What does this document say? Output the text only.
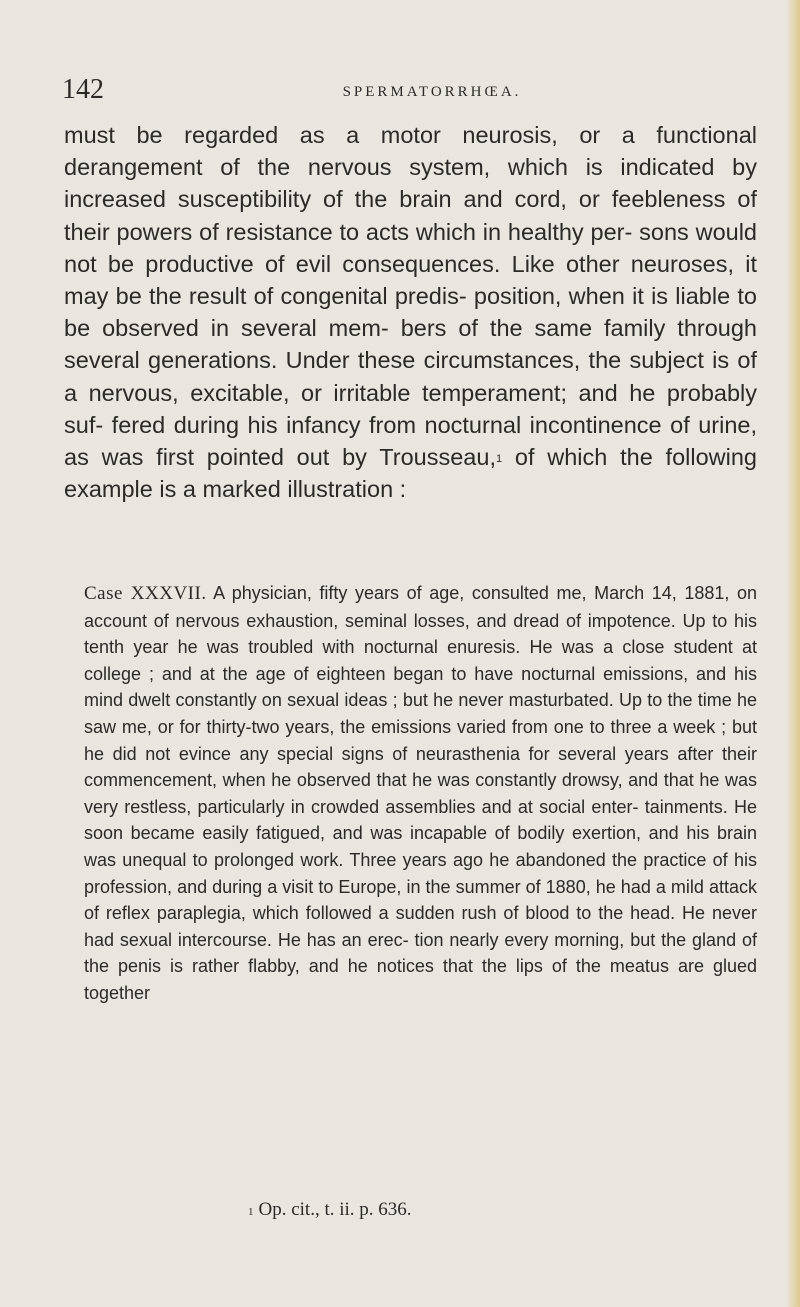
142	SPERMATORRHŒA.

must be regarded as a motor neurosis, or a functional derangement of the nervous system, which is indicated by increased susceptibility of the brain and cord, or feebleness of their powers of resistance to acts which in healthy per- sons would not be productive of evil consequences. Like other neuroses, it may be the result of congenital predis- position, when it is liable to be observed in several mem- bers of the same family through several generations. Under these circumstances, the subject is of a nervous, excitable, or irritable temperament; and he probably suf- fered during his infancy from nocturnal incontinence of urine, as was first pointed out by Trousseau,$^1$ of which the following example is a marked illustration :

Case XXXVII. A physician, fifty years of age, consulted me, March 14, 1881, on account of nervous exhaustion, seminal losses, and dread of impotence. Up to his tenth year he was troubled with nocturnal enuresis. He was a close student at college ; and at the age of eighteen began to have nocturnal emissions, and his mind dwelt constantly on sexual ideas ; but he never masturbated. Up to the time he saw me, or for thirty-two years, the emissions varied from one to three a week ; but he did not evince any special signs of neurasthenia for several years after their commencement, when he observed that he was constantly drowsy, and that he was very restless, particularly in crowded assemblies and at social enter- tainments. He soon became easily fatigued, and was incapable of bodily exertion, and his brain was unequal to prolonged work. Three years ago he abandoned the practice of his profession, and during a visit to Europe, in the summer of 1880, he had a mild attack of reflex paraplegia, which followed a sudden rush of blood to the head. He never had sexual intercourse. He has an erec- tion nearly every morning, but the gland of the penis is rather flabby, and he notices that the lips of the meatus are glued together

$^1$ Op. cit., t. ii. p. 636.
